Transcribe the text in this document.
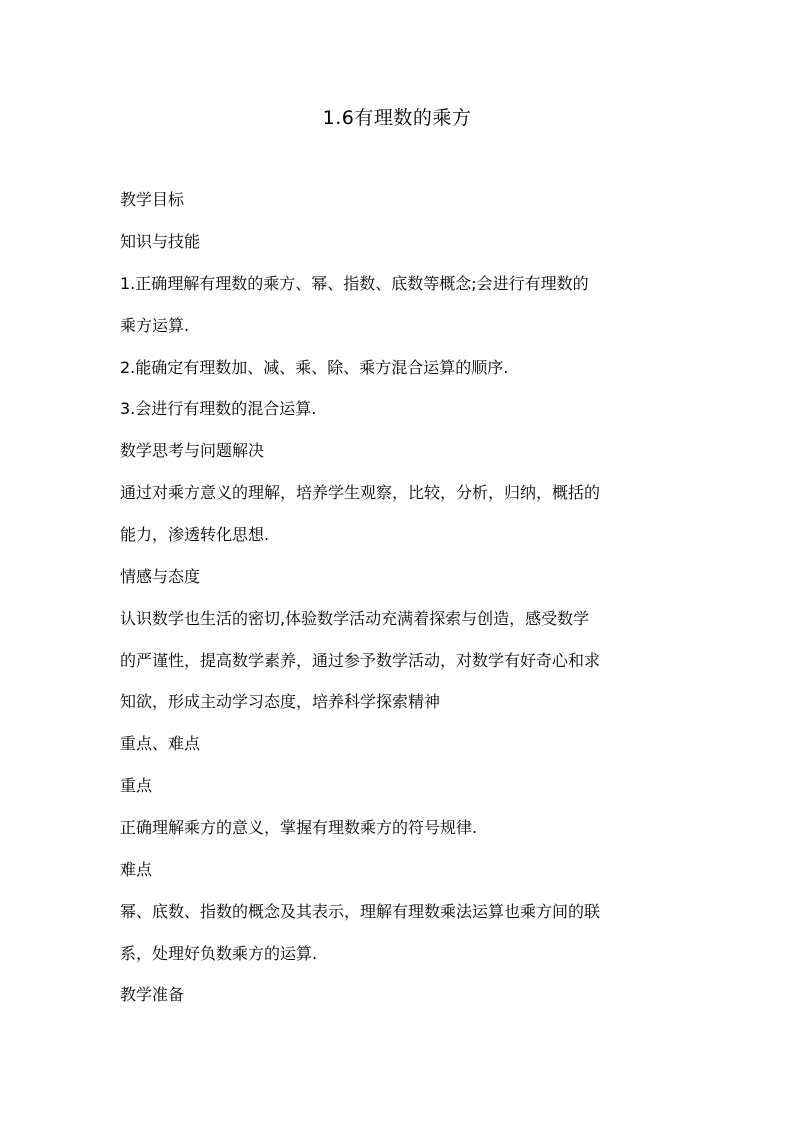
1.6有理数的乘方
教学目标
知识与技能
1.正确理解有理数的乘方、幂、指数、底数等概念;会进行有理数的
乘方运算.
2.能确定有理数加、减、乘、除、乘方混合运算的顺序.
3.会进行有理数的混合运算.
数学思考与问题解决
通过对乘方意义的理解，培养学生观察，比较，分析，归纳，概括的
能力，渗透转化思想.
情感与态度
认识数学也生活的密切,体验数学活动充满着探索与创造，感受数学
的严谨性，提高数学素养，通过参予数学活动，对数学有好奇心和求
知欲，形成主动学习态度，培养科学探索精神
重点、难点
重点
正确理解乘方的意义，掌握有理数乘方的符号规律.
难点
幂、底数、指数的概念及其表示，理解有理数乘法运算也乘方间的联
系，处理好负数乘方的运算.
教学准备
